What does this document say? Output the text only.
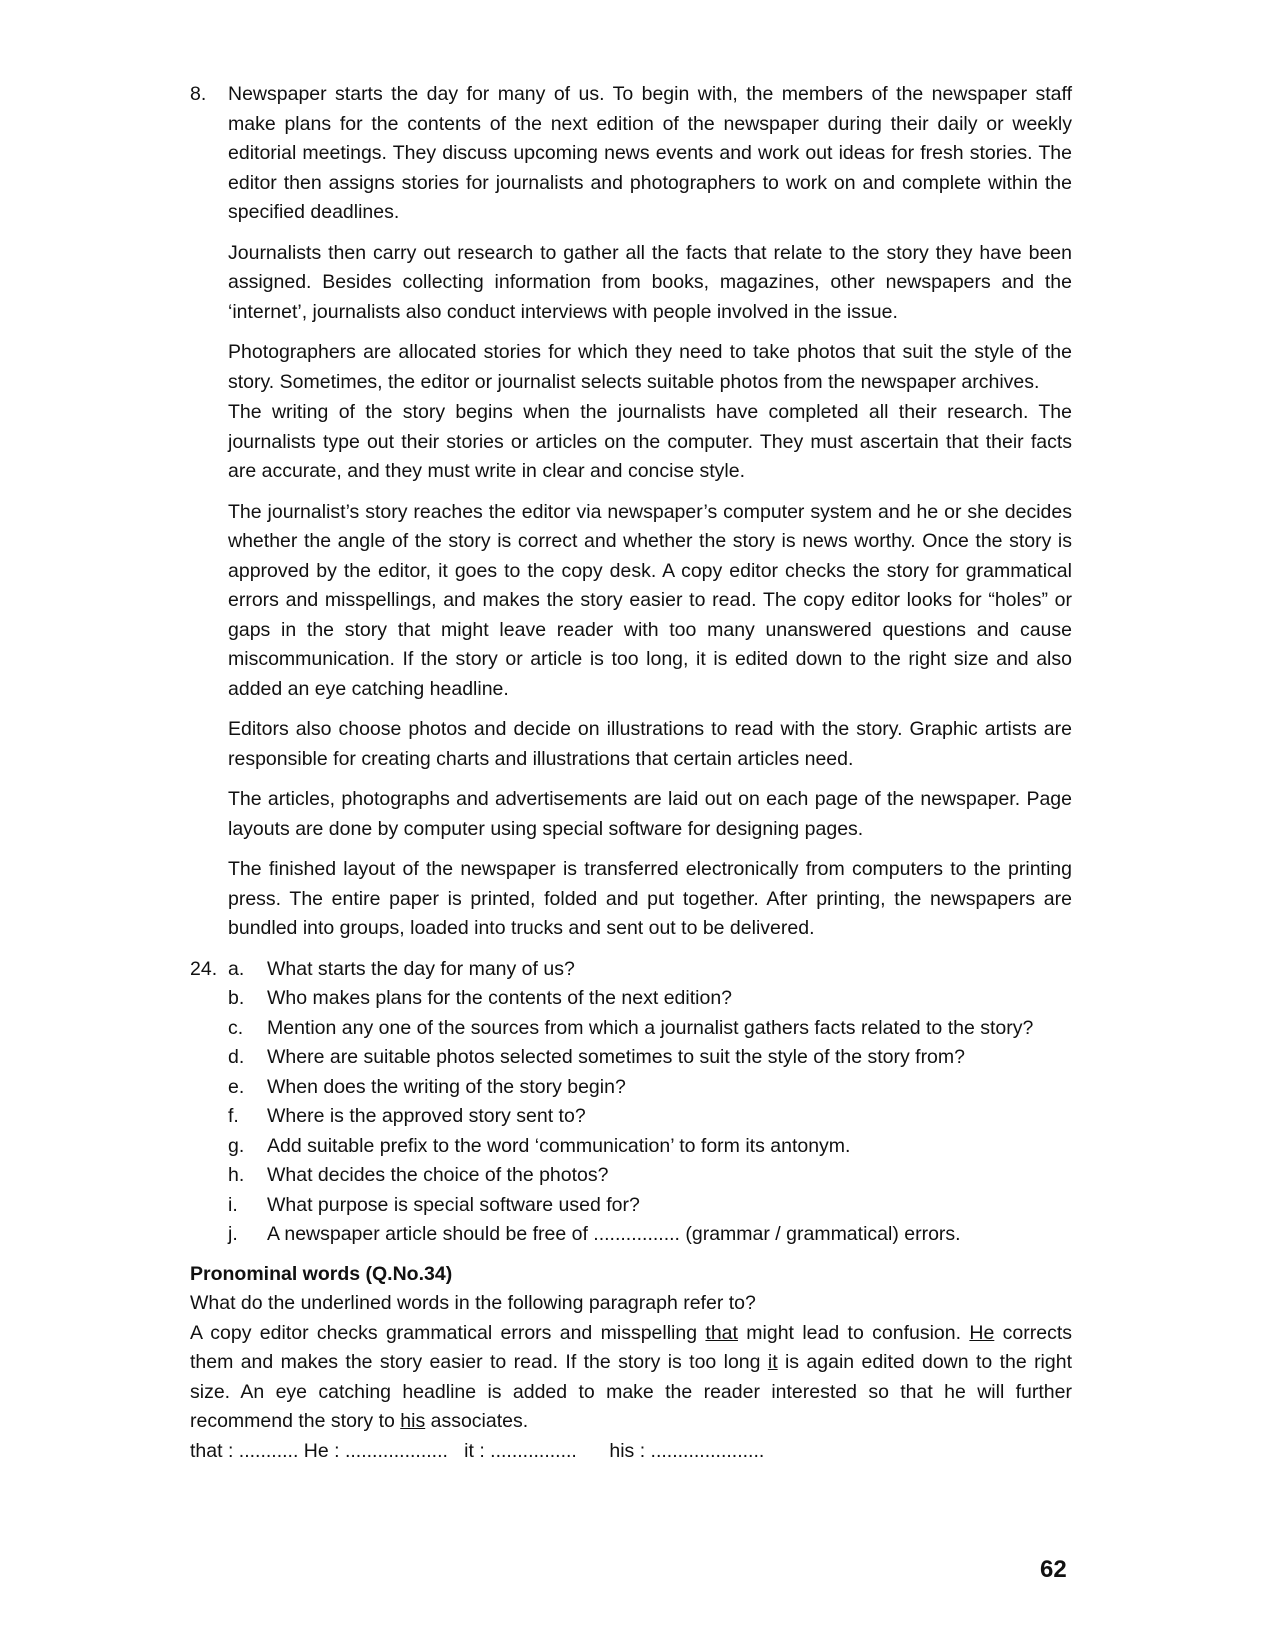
8. Newspaper starts the day for many of us. To begin with, the members of the newspaper staff make plans for the contents of the next edition of the newspaper during their daily or weekly editorial meetings. They discuss upcoming news events and work out ideas for fresh stories. The editor then assigns stories for journalists and photographers to work on and complete within the specified deadlines.

Journalists then carry out research to gather all the facts that relate to the story they have been assigned. Besides collecting information from books, magazines, other newspapers and the ‘internet’, journalists also conduct interviews with people involved in the issue.

Photographers are allocated stories for which they need to take photos that suit the style of the story. Sometimes, the editor or journalist selects suitable photos from the newspaper archives.

The writing of the story begins when the journalists have completed all their research. The journalists type out their stories or articles on the computer. They must ascertain that their facts are accurate, and they must write in clear and concise style.

The journalist’s story reaches the editor via newspaper’s computer system and he or she decides whether the angle of the story is correct and whether the story is news worthy. Once the story is approved by the editor, it goes to the copy desk. A copy editor checks the story for grammatical errors and misspellings, and makes the story easier to read. The copy editor looks for “holes” or gaps in the story that might leave reader with too many unanswered questions and cause miscommunication. If the story or article is too long, it is edited down to the right size and also added an eye catching headline.

Editors also choose photos and decide on illustrations to read with the story. Graphic artists are responsible for creating charts and illustrations that certain articles need.

The articles, photographs and advertisements are laid out on each page of the newspaper. Page layouts are done by computer using special software for designing pages.

The finished layout of the newspaper is transferred electronically from computers to the printing press. The entire paper is printed, folded and put together. After printing, the newspapers are bundled into groups, loaded into trucks and sent out to be delivered.

24. a. What starts the day for many of us?
b. Who makes plans for the contents of the next edition?
c. Mention any one of the sources from which a journalist gathers facts related to the story?
d. Where are suitable photos selected sometimes to suit the style of the story from?
e. When does the writing of the story begin?
f. Where is the approved story sent to?
g. Add suitable prefix to the word ‘communication’ to form its antonym.
h. What decides the choice of the photos?
i. What purpose is special software used for?
j. A newspaper article should be free of ................ (grammar / grammatical) errors.
Pronominal words (Q.No.34)
What do the underlined words in the following paragraph refer to?
A copy editor checks grammatical errors and misspelling that might lead to confusion. He corrects them and makes the story easier to read. If the story is too long it is again edited down to the right size. An eye catching headline is added to make the reader interested so that he will further recommend the story to his associates.
that : ........... He : ...................   it : ................      his : .....................
62
